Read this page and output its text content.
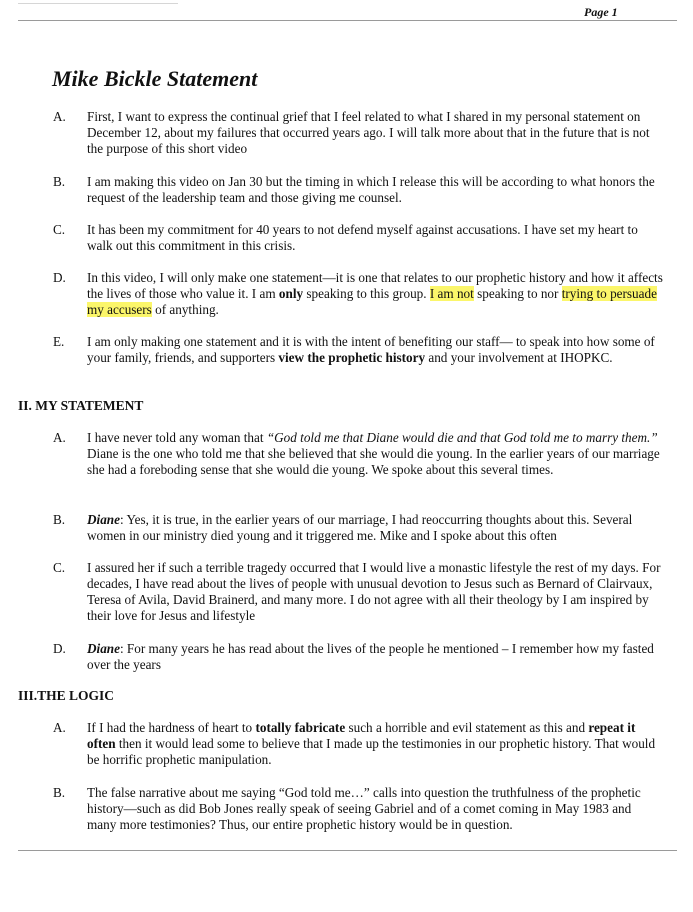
Page 1
Mike Bickle Statement
A. First, I want to express the continual grief that I feel related to what I shared in my personal statement on December 12, about my failures that occurred years ago. I will talk more about that in the future that is not the purpose of this short video
B. I am making this video on Jan 30 but the timing in which I release this will be according to what honors the request of the leadership team and those giving me counsel.
C. It has been my commitment for 40 years to not defend myself against accusations. I have set my heart to walk out this commitment in this crisis.
D. In this video, I will only make one statement—it is one that relates to our prophetic history and how it affects the lives of those who value it. I am only speaking to this group. I am not speaking to nor trying to persuade my accusers of anything.
E. I am only making one statement and it is with the intent of benefiting our staff— to speak into how some of your family, friends, and supporters view the prophetic history and your involvement at IHOPKC.
II. MY STATEMENT
A. I have never told any woman that “God told me that Diane would die and that God told me to marry them.” Diane is the one who told me that she believed that she would die young. In the earlier years of our marriage she had a foreboding sense that she would die young. We spoke about this several times.
B. Diane: Yes, it is true, in the earlier years of our marriage, I had reoccurring thoughts about this. Several women in our ministry died young and it triggered me. Mike and I spoke about this often
C. I assured her if such a terrible tragedy occurred that I would live a monastic lifestyle the rest of my days. For decades, I have read about the lives of people with unusual devotion to Jesus such as Bernard of Clairvaux, Teresa of Avila, David Brainerd, and many more. I do not agree with all their theology by I am inspired by their love for Jesus and lifestyle
D. Diane: For many years he has read about the lives of the people he mentioned – I remember how my fasted over the years
III.THE LOGIC
A. If I had the hardness of heart to totally fabricate such a horrible and evil statement as this and repeat it often then it would lead some to believe that I made up the testimonies in our prophetic history. That would be horrific prophetic manipulation.
B. The false narrative about me saying “God told me…” calls into question the truthfulness of the prophetic history—such as did Bob Jones really speak of seeing Gabriel and of a comet coming in May 1983 and many more testimonies? Thus, our entire prophetic history would be in question.
